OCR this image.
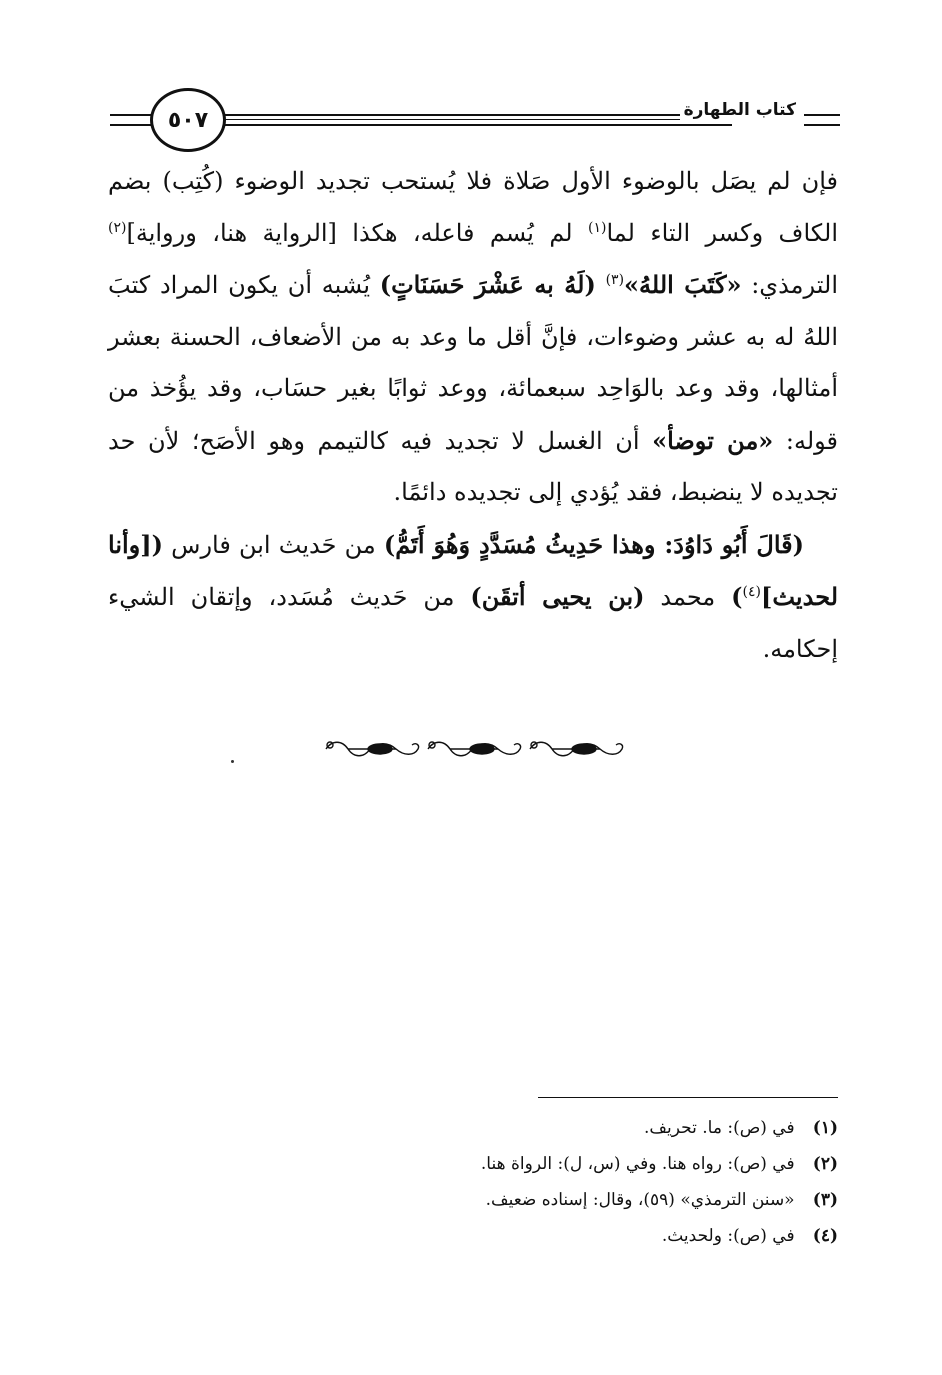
كتاب الطهارة
٥٠٧

فإن لم يصَل بالوضوء الأول صَلاة فلا يُستحب تجديد الوضوء (كُتِب) بضم الكاف وكسر التاء لما$^{(١)}$ لم يُسم فاعله، هكذا [الرواية هنا، ورواية]$^{(٢)}$ الترمذي: «كَتَبَ اللهُ»$^{(٣)}$ (لَهُ به عَشْرَ حَسَنَاتٍ) يُشبه أن يكون المراد كتبَ اللهُ له به عشر وضوءات، فإنَّ أقل ما وعد به من الأضعاف، الحسنة بعشر أمثالها، وقد وعد بالوَاحِد سبعمائة، ووعد ثوابًا بغير حسَاب، وقد يؤُخذ من قوله: «من توضأ» أن الغسل لا تجديد فيه كالتيمم وهو الأصَح؛ لأن حد تجديده لا ينضبط، فقد يُؤدي إلى تجديده دائمًا.

(قَالَ أَبُو دَاوُدَ: وهذا حَدِيثُ مُسَدَّدٍ وَهُوَ أَتَمُّ) من حَديث ابن فارس ([وأنا لحديث]$^{(٤)}$) محمد (بن يحيى أتقَن) من حَديث مُسَدد، وإتقان الشيء إحكامه.

(١) في (ص): ما. تحريف.
(٢) في (ص): رواه هنا. وفي (س، ل): الرواة هنا.
(٣) «سنن الترمذي» (٥٩)، وقال: إسناده ضعيف.
(٤) في (ص): ولحديث.
